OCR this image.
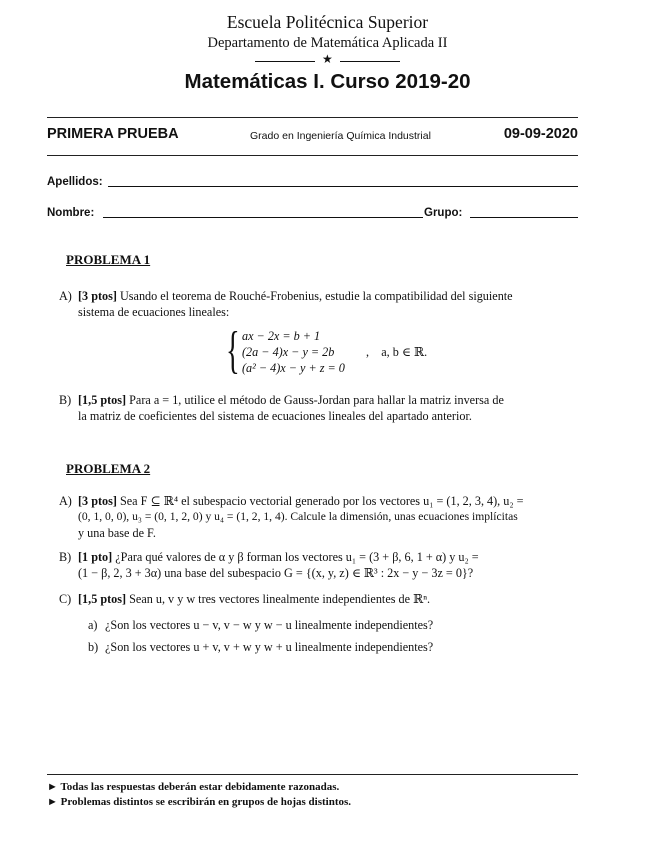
Escuela Politécnica Superior
Departamento de Matemática Aplicada II
★
Matemáticas I. Curso 2019-20
PRIMERA PRUEBA	Grado en Ingeniería Química Industrial	09-09-2020
Apellidos:
Nombre:	Grupo:
PROBLEMA 1
A) [3 ptos] Usando el teorema de Rouché-Frobenius, estudie la compatibilidad del siguiente
sistema de ecuaciones lineales:
{ ax − 2x = b + 1
(2a − 4)x − y = 2b
(a² − 4)x − y + z = 0
,    a, b ∈ ℝ.
B) [1,5 ptos] Para a = 1, utilice el método de Gauss-Jordan para hallar la matriz inversa de
la matriz de coeficientes del sistema de ecuaciones lineales del apartado anterior.
PROBLEMA 2
A) [3 ptos] Sea F ⊆ ℝ⁴ el subespacio vectorial generado por los vectores u₁ = (1, 2, 3, 4), u₂ =
(0, 1, 0, 0), u₃ = (0, 1, 2, 0) y u₄ = (1, 2, 1, 4). Calcule la dimensión, unas ecuaciones implícitas
y una base de F.
B) [1 pto] ¿Para qué valores de α y β forman los vectores u₁ = (3 + β, 6, 1 + α) y u₂ =
(1 − β, 2, 3 + 3α) una base del subespacio G = {(x, y, z) ∈ ℝ³ : 2x − y − 3z = 0}?
C) [1,5 ptos] Sean u, v y w tres vectores linealmente independientes de ℝⁿ.
a) ¿Son los vectores u − v, v − w y w − u linealmente independientes?
b) ¿Son los vectores u + v, v + w y w + u linealmente independientes?
► Todas las respuestas deberán estar debidamente razonadas.
► Problemas distintos se escribirán en grupos de hojas distintos.
